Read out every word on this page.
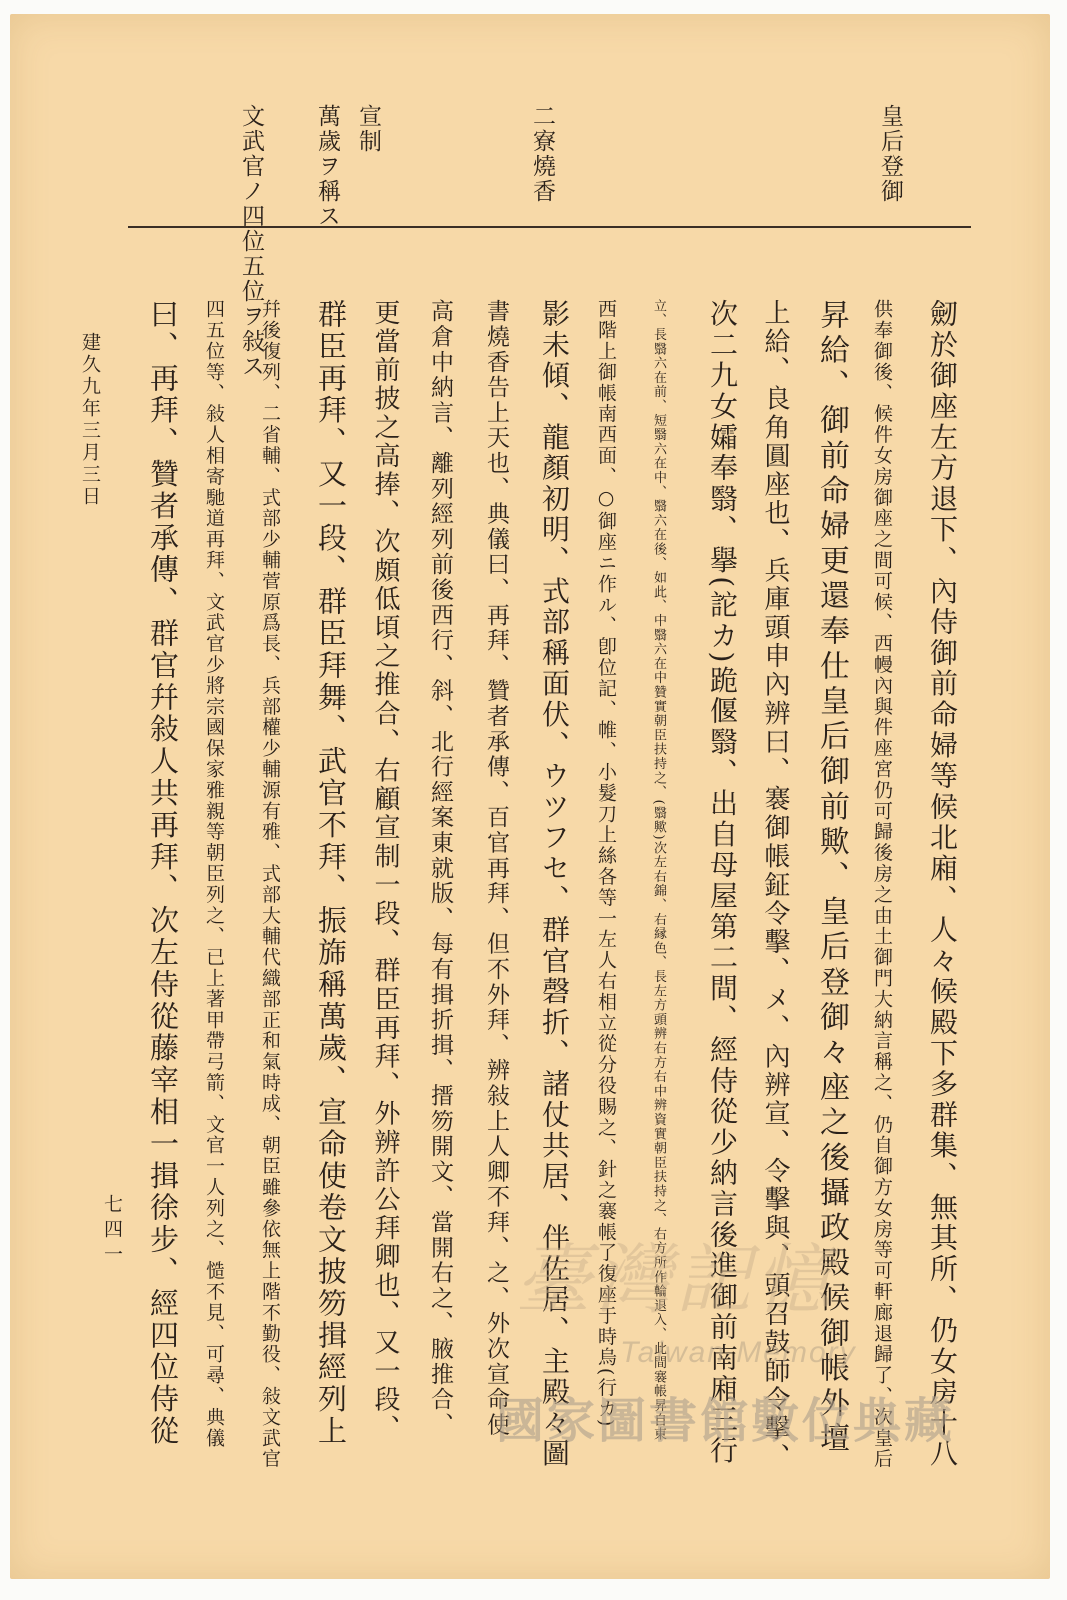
皇后登御
二寮燒香
宣制
萬歲ヲ稱ス
文武官ノ四位五位ヲ敍ス
劒於御座左方退下、內侍御前命婦等候北廂、人々候殿下多群集、無其所、仍女房十八
供奉御後、候件女房御座之間可候、西幔內與件座宮仍可歸後房之由土御門大納言稱之、仍自御方女房等可軒廊退歸了、次皇后
昇給、御前命婦更還奉仕皇后御前歟、皇后登御々座之後攝政殿候御帳外壇
上給、良角圓座也、兵庫頭申內辨曰、褰御帳鉦令擊、メ、內辨宣、令擊與、頭召鼓師令擊、
次二九女孀奉翳、擧(詑カ)跪偃翳、出自母屋第二間、經侍從少納言後進御前南廂三行
立、長翳六在前、短翳六在中、翳六在後、如此、中翳六在中贊實朝臣扶持之、(翳歟)次左右錦、右縁色、長左方頭辨右方右中辨資實朝臣扶持之、右方所作輪退入、此間褰帳昇自東
西階上御帳南西面、○御座ニ作ル、卽位記、帷、小髮刀上絲各等一左人右相立從分役賜之、針之褰帳了復座于時烏(行カ)
影未傾、龍顏初明、式部稱面伏、ウツフセ、群官磬折、諸仗共居、伴佐居、主殿々圖
書燒香告上天也、典儀曰、再拜、贊者承傳、百官再拜、但不外拜、辨敍上人卿不拜、之、外次宣命使
高倉中納言、離列經列前後西行、斜、北行經案東就版、每有揖折揖、搢笏開文、當開右之、腋推合、
更當前披之高捧、次頗低頃之推合、右顧宣制一段、群臣再拜、外辨許公拜卿也、又一段、
群臣再拜、又一段、群臣拜舞、武官不拜、振旆稱萬歲、宣命使卷文披笏揖經列上
幷後復列、二省輔、式部少輔菅原爲長、兵部權少輔源有雅、式部大輔代織部正和氣時成、朝臣雖參依無上階不勤役、敍文武官
四五位等、敍人相寄馳道再拜、文武官少將宗國保家雅親等朝臣列之、已上著甲帶弓箭、文官一人列之、慥不見、可尋、典儀
曰、再拜、贊者承傳、群官幷敍人共再拜、次左侍從藤宰相一揖徐步、經四位侍從
建久九年三月三日
七四一
臺灣記憶
Taiwan Memory
國家圖書館數位典藏
